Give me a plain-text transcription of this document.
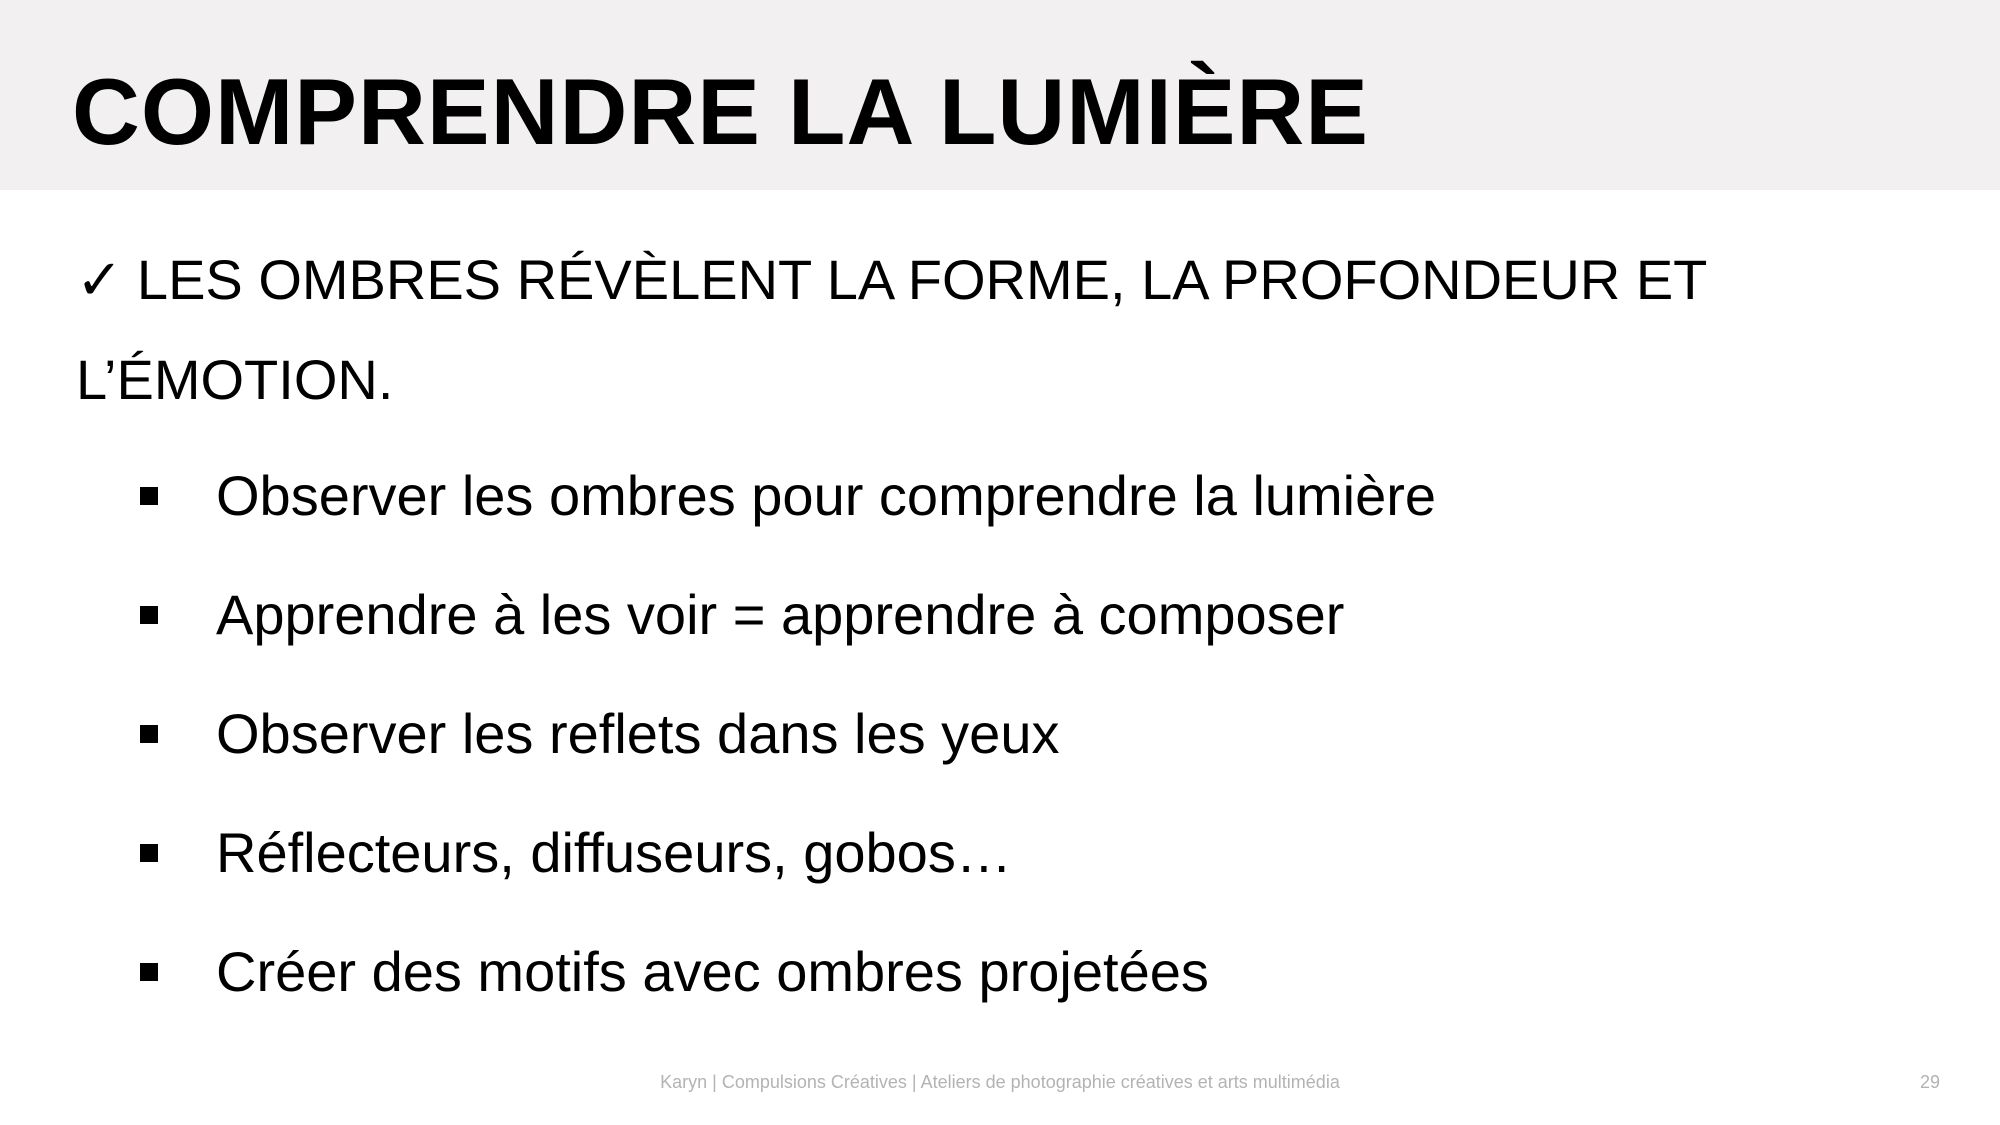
COMPRENDRE LA LUMIÈRE

✓ LES OMBRES RÉVÈLENT LA FORME, LA PROFONDEUR ET L’ÉMOTION.

Observer les ombres pour comprendre la lumière
Apprendre à les voir = apprendre à composer
Observer les reflets dans les yeux
Réflecteurs, diffuseurs, gobos…
Créer des motifs avec ombres projetées
Karyn | Compulsions Créatives | Ateliers de photographie créatives et arts multimédia	29
